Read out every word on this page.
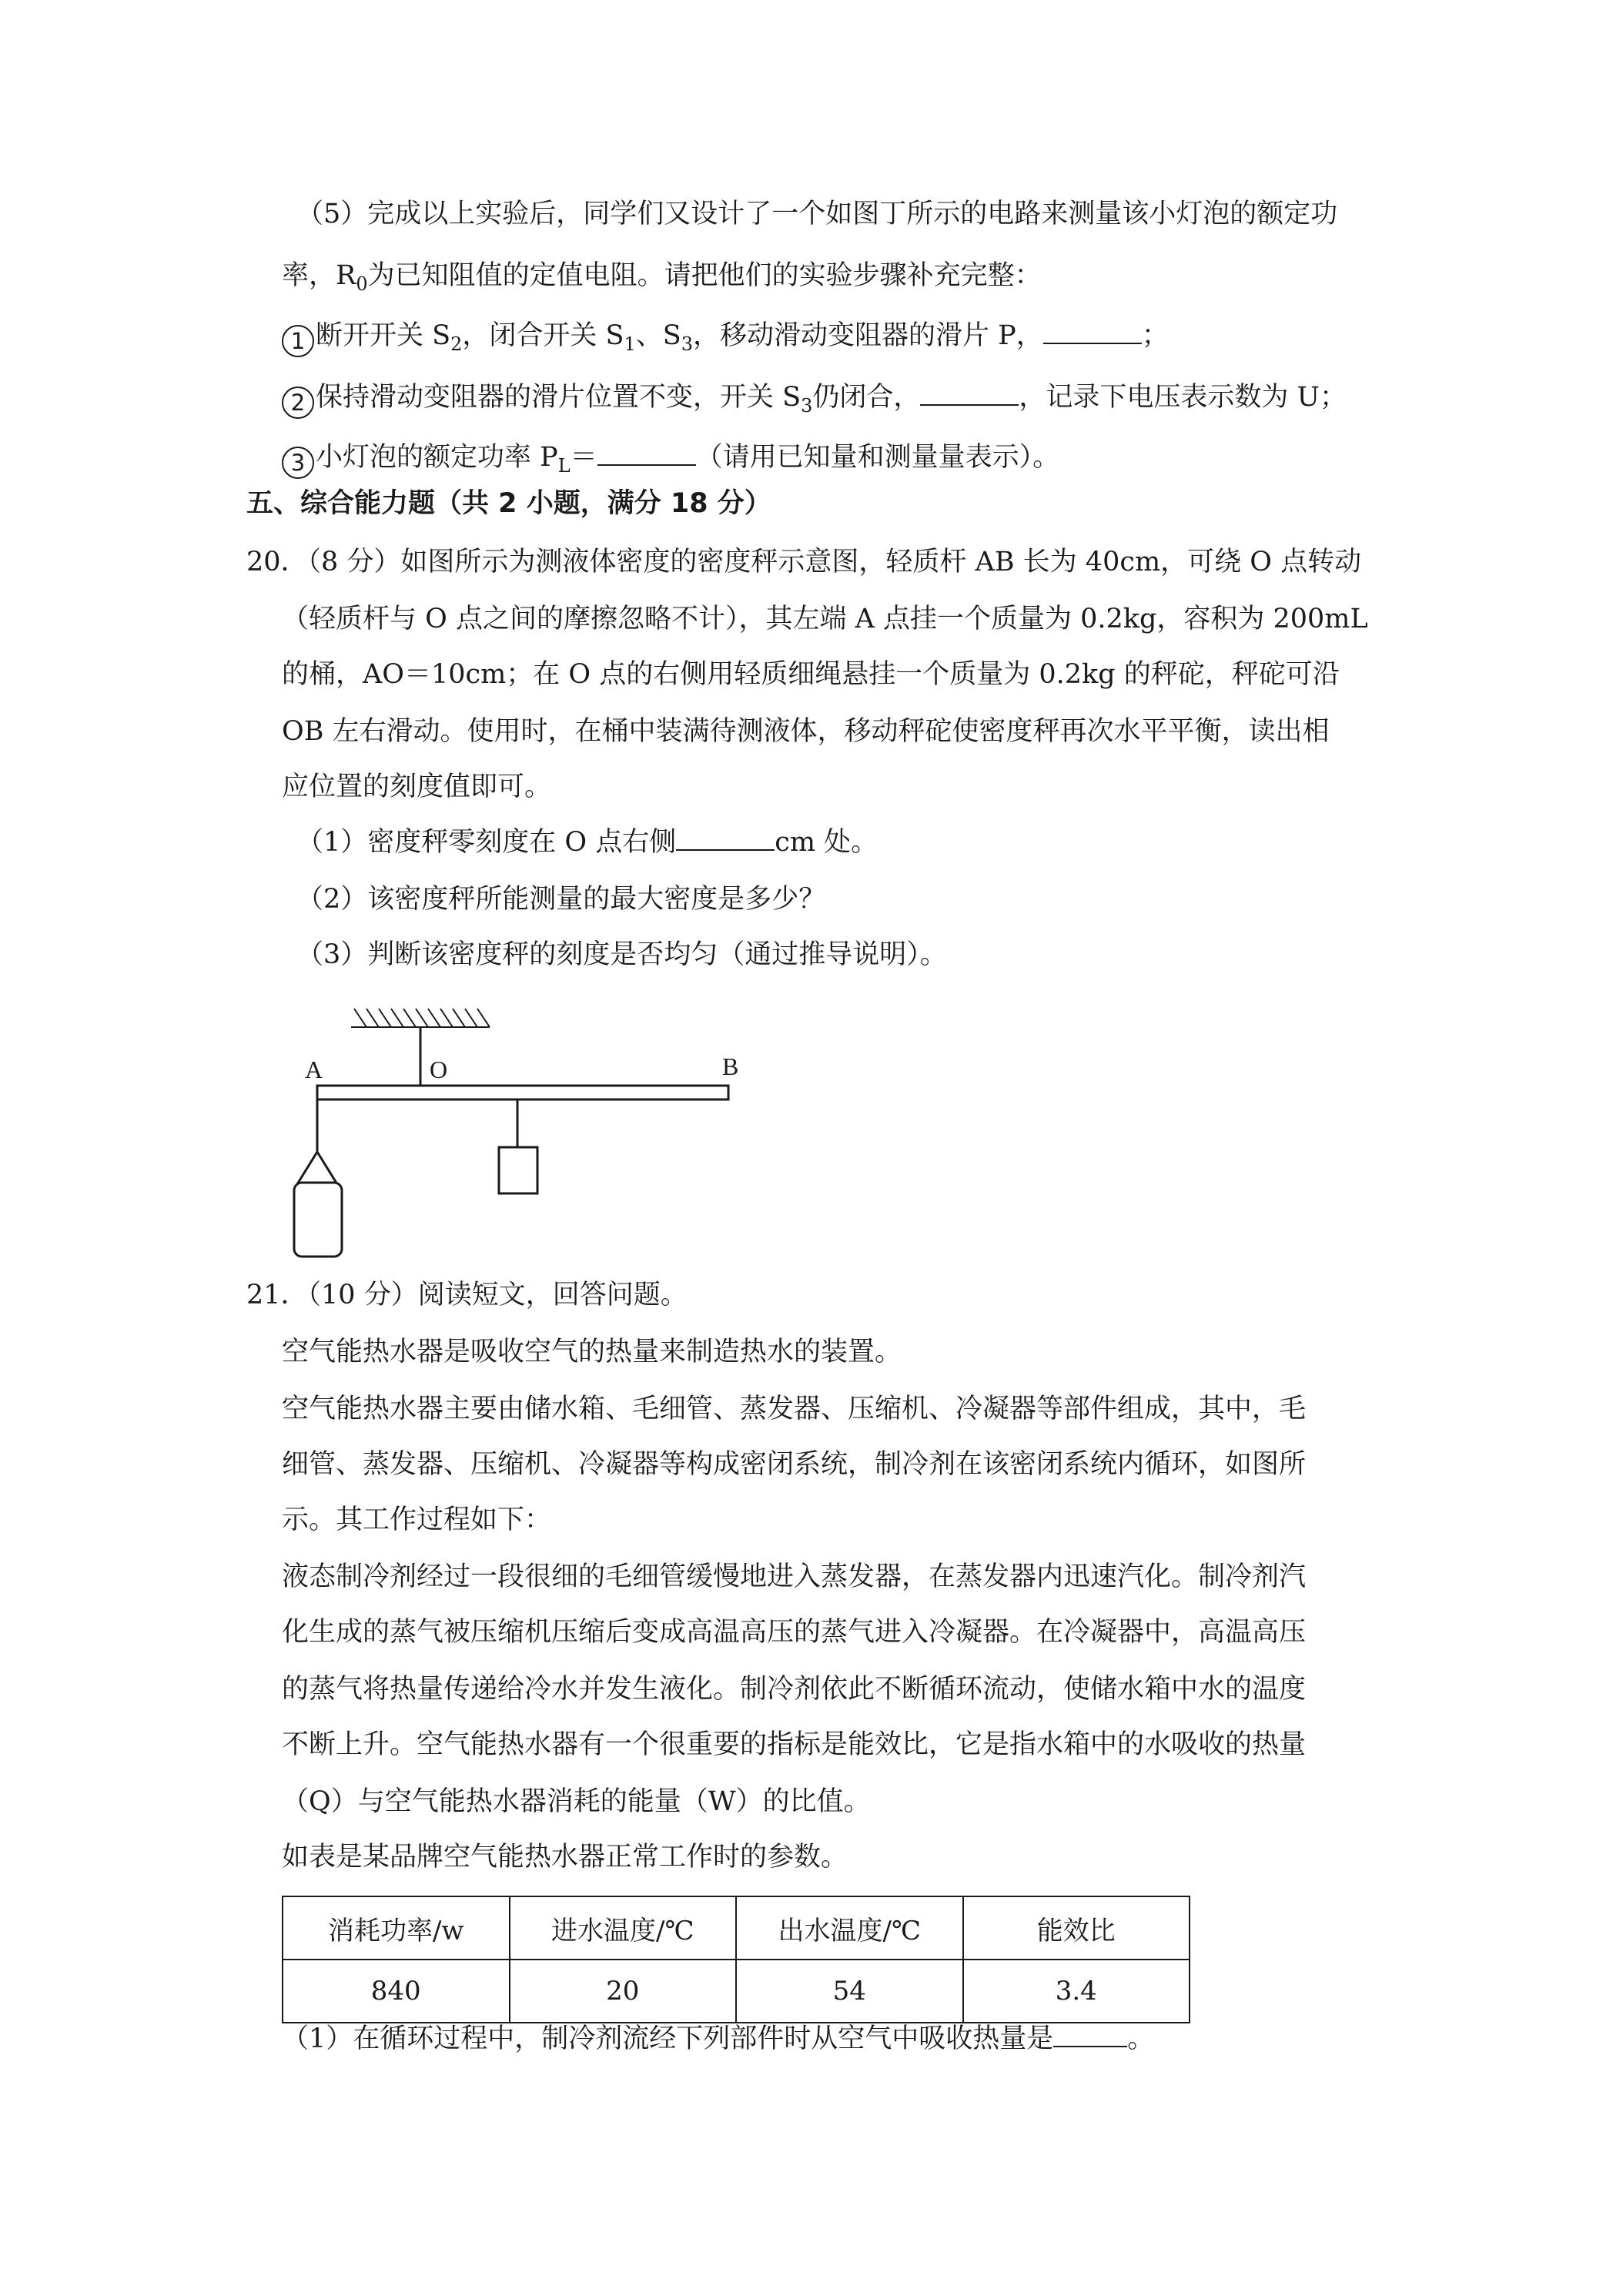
（5）完成以上实验后，同学们又设计了一个如图丁所示的电路来测量该小灯泡的额定功
率，$R_0$为已知阻值的定值电阻。请把他们的实验步骤补充完整：
1 断开开关 $S_2$，闭合开关 $S_1$、$S_3$，移动滑动变阻器的滑片 P，	；
2 保持滑动变阻器的滑片位置不变，开关 $S_3$仍闭合，	，记录下电压表示数为 U；
3 小灯泡的额定功率 $P_L=$	（请用已知量和测量量表示）。
五、综合能力题（共 2 小题，满分 18 分）
20．（8 分）如图所示为测液体密度的密度秤示意图，轻质杆 AB 长为 40cm，可绕 O 点转动
（轻质杆与 O 点之间的摩擦忽略不计），其左端 A 点挂一个质量为 0.2kg，容积为 200mL
的桶，AO＝10cm；在 O 点的右侧用轻质细绳悬挂一个质量为 0.2kg 的秤砣，秤砣可沿
OB 左右滑动。使用时，在桶中装满待测液体，移动秤砣使密度秤再次水平平衡，读出相
应位置的刻度值即可。
（1）密度秤零刻度在 O 点右侧	cm 处。
（2）该密度秤所能测量的最大密度是多少？
（3）判断该密度秤的刻度是否均匀（通过推导说明）。
A	O	B
21．（10 分）阅读短文，回答问题。
空气能热水器是吸收空气的热量来制造热水的装置。
空气能热水器主要由储水箱、毛细管、蒸发器、压缩机、冷凝器等部件组成，其中，毛
细管、蒸发器、压缩机、冷凝器等构成密闭系统，制冷剂在该密闭系统内循环，如图所
示。其工作过程如下：
液态制冷剂经过一段很细的毛细管缓慢地进入蒸发器，在蒸发器内迅速汽化。制冷剂汽
化生成的蒸气被压缩机压缩后变成高温高压的蒸气进入冷凝器。在冷凝器中，高温高压
的蒸气将热量传递给冷水并发生液化。制冷剂依此不断循环流动，使储水箱中水的温度
不断上升。空气能热水器有一个很重要的指标是能效比，它是指水箱中的水吸收的热量
（Q）与空气能热水器消耗的能量（W）的比值。
如表是某品牌空气能热水器正常工作时的参数。
消耗功率/w	进水温度/℃	出水温度/℃	能效比
840	20	54	3.4
（1）在循环过程中，制冷剂流经下列部件时从空气中吸收热量是	。
